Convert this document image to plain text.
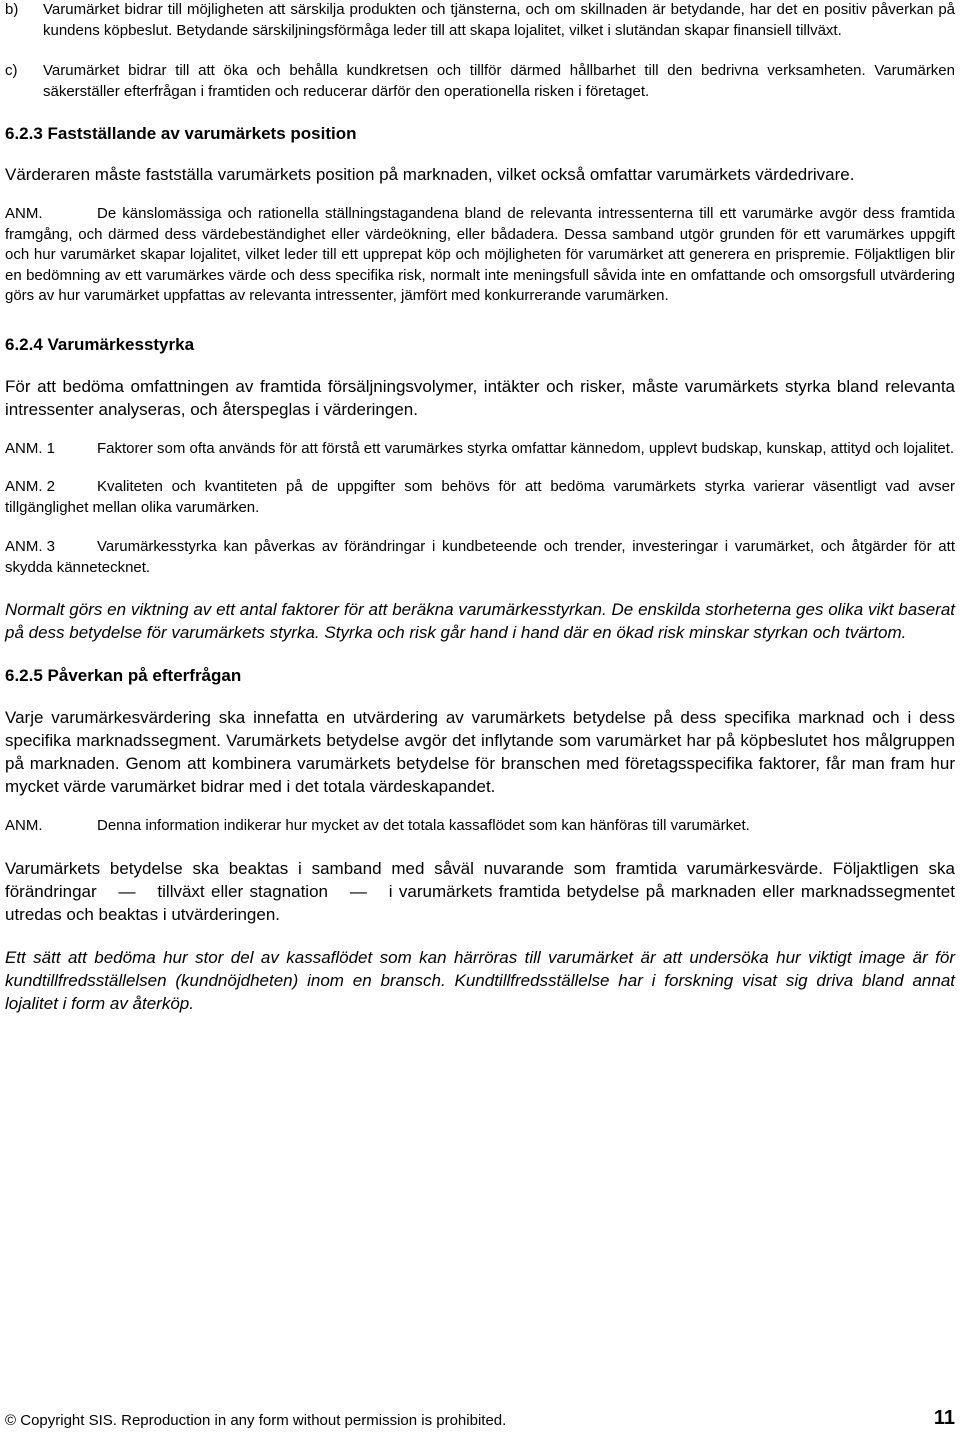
b)	Varumärket bidrar till möjligheten att särskilja produkten och tjänsterna, och om skillnaden är betydande, har det en positiv påverkan på kundens köpbeslut. Betydande särskiljningsförmåga leder till att skapa lojalitet, vilket i slutändan skapar finansiell tillväxt.
c)	Varumärket bidrar till att öka och behålla kundkretsen och tillför därmed hållbarhet till den bedrivna verksamheten. Varumärken säkerställer efterfrågan i framtiden och reducerar därför den operationella risken i företaget.
6.2.3 Fastställande av varumärkets position

Värderaren måste fastställa varumärkets position på marknaden, vilket också omfattar varumärkets värdedrivare.

ANM.	De känslomässiga och rationella ställningstagandena bland de relevanta intressenterna till ett varumärke avgör dess framtida framgång, och därmed dess värdebeständighet eller värdeökning, eller bådadera. Dessa samband utgör grunden för ett varumärkes uppgift och hur varumärket skapar lojalitet, vilket leder till ett upprepat köp och möjligheten för varumärket att generera en prispremie. Följaktligen blir en bedömning av ett varumärkes värde och dess specifika risk, normalt inte meningsfull såvida inte en omfattande och omsorgsfull utvärdering görs av hur varumärket uppfattas av relevanta intressenter, jämfört med konkurrerande varumärken.

6.2.4 Varumärkesstyrka

För att bedöma omfattningen av framtida försäljningsvolymer, intäkter och risker, måste varumärkets styrka bland relevanta intressenter analyseras, och återspeglas i värderingen.

ANM. 1	Faktorer som ofta används för att förstå ett varumärkes styrka omfattar kännedom, upplevt budskap, kunskap, attityd och lojalitet.

ANM. 2	Kvaliteten och kvantiteten på de uppgifter som behövs för att bedöma varumärkets styrka varierar väsentligt vad avser tillgänglighet mellan olika varumärken.

ANM. 3	Varumärkesstyrka kan påverkas av förändringar i kundbeteende och trender, investeringar i varumärket, och åtgärder för att skydda kännetecknet.

Normalt görs en viktning av ett antal faktorer för att beräkna varumärkesstyrkan. De enskilda storheterna ges olika vikt baserat på dess betydelse för varumärkets styrka. Styrka och risk går hand i hand där en ökad risk minskar styrkan och tvärtom.

6.2.5 Påverkan på efterfrågan

Varje varumärkesvärdering ska innefatta en utvärdering av varumärkets betydelse på dess specifika marknad och i dess specifika marknadssegment. Varumärkets betydelse avgör det inflytande som varumärket har på köpbeslutet hos målgruppen på marknaden. Genom att kombinera varumärkets betydelse för branschen med företagsspecifika faktorer, får man fram hur mycket värde varumärket bidrar med i det totala värdeskapandet.

ANM.	Denna information indikerar hur mycket av det totala kassaflödet som kan hänföras till varumärket.

Varumärkets betydelse ska beaktas i samband med såväl nuvarande som framtida varumärkesvärde. Följaktligen ska förändringar — tillväxt eller stagnation — i varumärkets framtida betydelse på marknaden eller marknadssegmentet utredas och beaktas i utvärderingen.

Ett sätt att bedöma hur stor del av kassaflödet som kan härröras till varumärket är att undersöka hur viktigt image är för kundtillfredsställelsen (kundnöjdheten) inom en bransch. Kundtillfredsställelse har i forskning visat sig driva bland annat lojalitet i form av återköp.

© Copyright SIS. Reproduction in any form without permission is prohibited.	11
